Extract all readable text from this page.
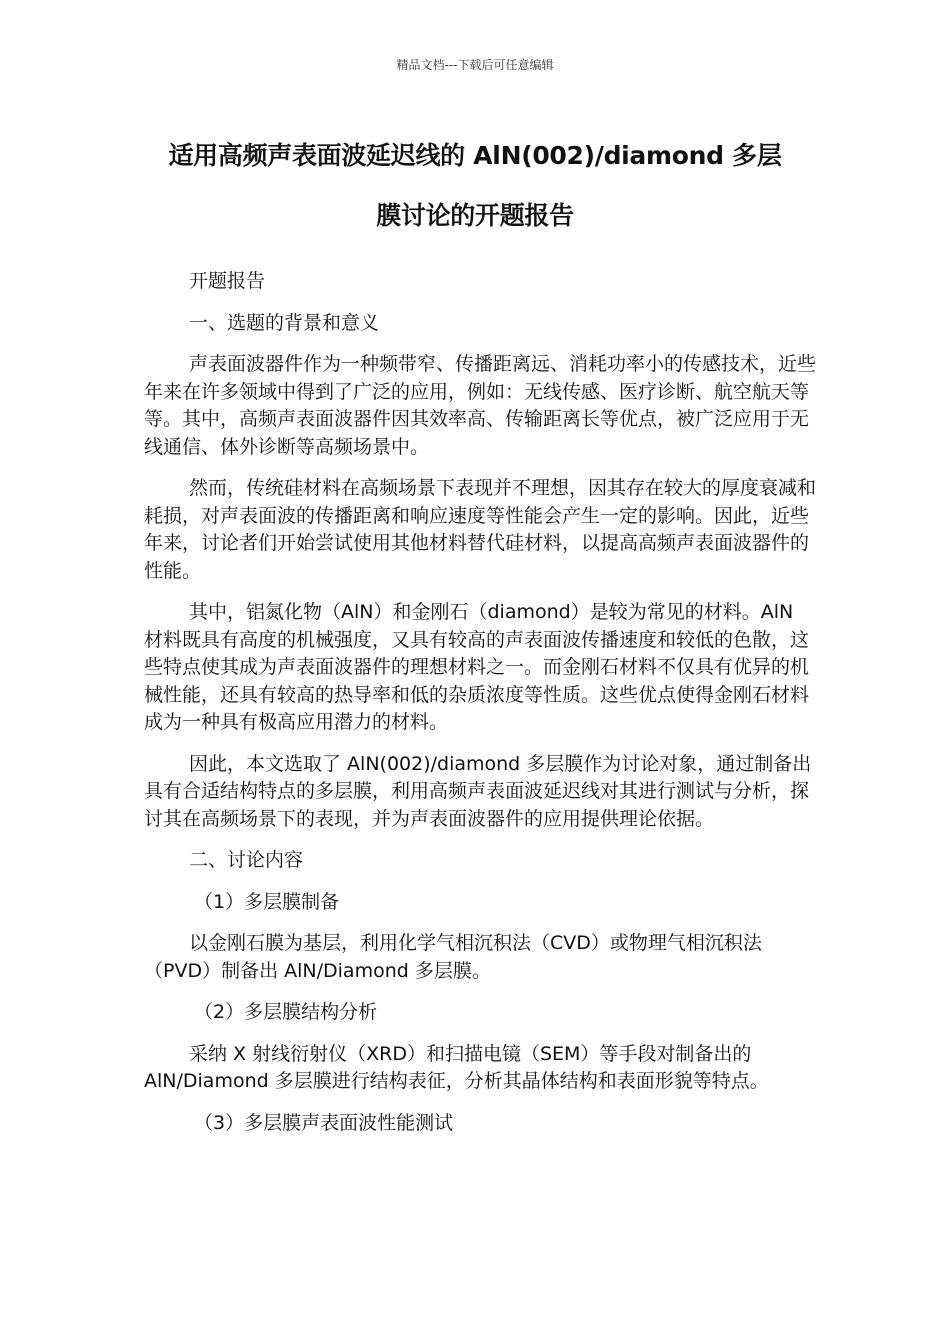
精品文档---下载后可任意编辑
适用高频声表面波延迟线的 AlN(002)/diamond 多层
膜讨论的开题报告

开题报告

一、选题的背景和意义

声表面波器件作为一种频带窄、传播距离远、消耗功率小的传感技术，近些年来在许多领域中得到了广泛的应用，例如：无线传感、医疗诊断、航空航天等等。其中，高频声表面波器件因其效率高、传输距离长等优点，被广泛应用于无线通信、体外诊断等高频场景中。

然而，传统硅材料在高频场景下表现并不理想，因其存在较大的厚度衰减和耗损，对声表面波的传播距离和响应速度等性能会产生一定的影响。因此，近些年来，讨论者们开始尝试使用其他材料替代硅材料，以提高高频声表面波器件的性能。

其中，铝氮化物（AlN）和金刚石（diamond）是较为常见的材料。AlN 材料既具有高度的机械强度，又具有较高的声表面波传播速度和较低的色散，这些特点使其成为声表面波器件的理想材料之一。而金刚石材料不仅具有优异的机械性能，还具有较高的热导率和低的杂质浓度等性质。这些优点使得金刚石材料成为一种具有极高应用潜力的材料。

因此，本文选取了 AlN(002)/diamond 多层膜作为讨论对象，通过制备出具有合适结构特点的多层膜，利用高频声表面波延迟线对其进行测试与分析，探讨其在高频场景下的表现，并为声表面波器件的应用提供理论依据。

二、讨论内容

（1）多层膜制备

以金刚石膜为基层，利用化学气相沉积法（CVD）或物理气相沉积法（PVD）制备出 AlN/Diamond 多层膜。

（2）多层膜结构分析

采纳 X 射线衍射仪（XRD）和扫描电镜（SEM）等手段对制备出的 AlN/Diamond 多层膜进行结构表征，分析其晶体结构和表面形貌等特点。

（3）多层膜声表面波性能测试
